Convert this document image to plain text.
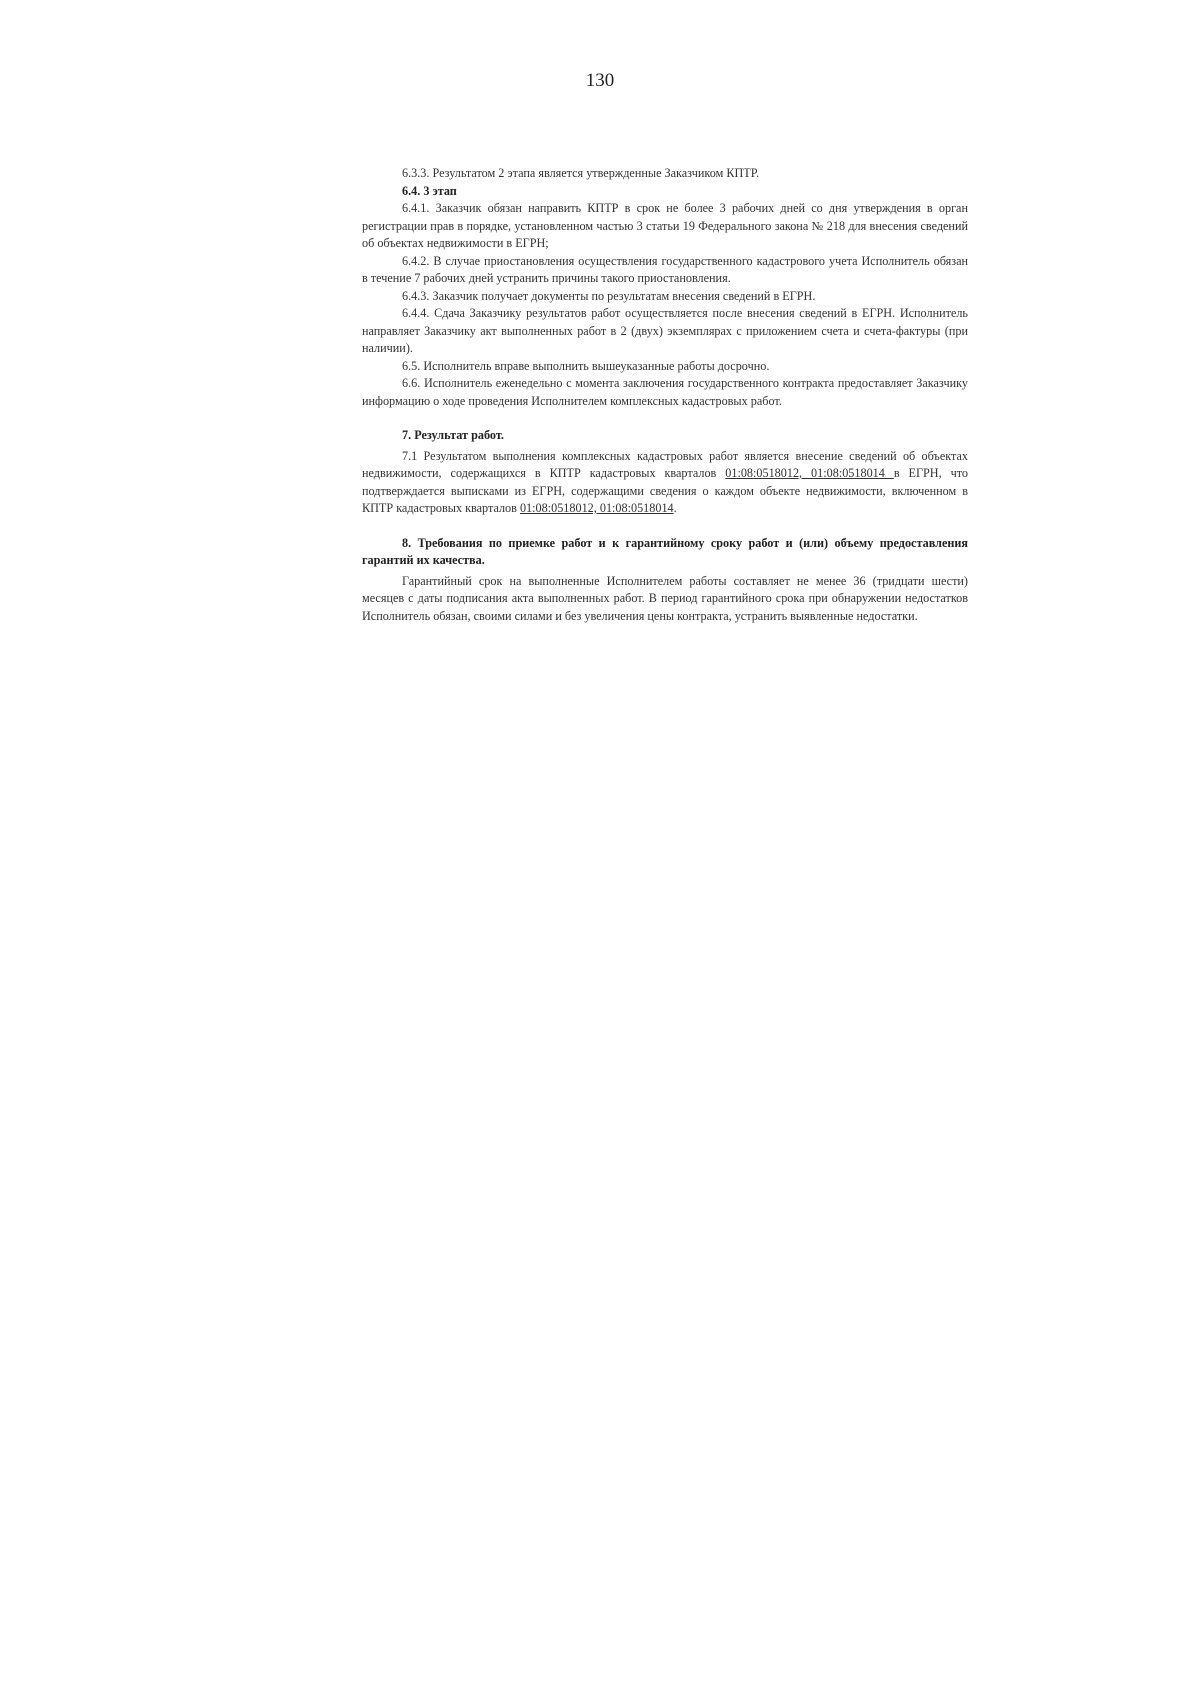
130

6.3.3. Результатом 2 этапа является утвержденные Заказчиком КПТР.

6.4. 3 этап

6.4.1. Заказчик обязан направить КПТР в срок не более 3 рабочих дней со дня утверждения в орган регистрации прав в порядке, установленном частью 3 статьи 19 Федерального закона № 218 для внесения сведений об объектах недвижимости в ЕГРН;

6.4.2. В случае приостановления осуществления государственного кадастрового учета Исполнитель обязан в течение 7 рабочих дней устранить причины такого приостановления.

6.4.3. Заказчик получает документы по результатам внесения сведений в ЕГРН.

6.4.4. Сдача Заказчику результатов работ осуществляется после внесения сведений в ЕГРН. Исполнитель направляет Заказчику акт выполненных работ в 2 (двух) экземплярах с приложением счета и счета-фактуры (при наличии).

6.5. Исполнитель вправе выполнить вышеуказанные работы досрочно.

6.6. Исполнитель еженедельно с момента заключения государственного контракта предоставляет Заказчику информацию о ходе проведения Исполнителем комплексных кадастровых работ.

7. Результат работ.

7.1 Результатом выполнения комплексных кадастровых работ является внесение сведений об объектах недвижимости, содержащихся в КПТР кадастровых кварталов 01:08:0518012, 01:08:0518014 в ЕГРН, что подтверждается выписками из ЕГРН, содержащими сведения о каждом объекте недвижимости, включенном в КПТР кадастровых кварталов 01:08:0518012, 01:08:0518014.

8. Требования по приемке работ и к гарантийному сроку работ и (или) объему предоставления гарантий их качества.

Гарантийный срок на выполненные Исполнителем работы составляет не менее 36 (тридцати шести) месяцев с даты подписания акта выполненных работ. В период гарантийного срока при обнаружении недостатков Исполнитель обязан, своими силами и без увеличения цены контракта, устранить выявленные недостатки.
